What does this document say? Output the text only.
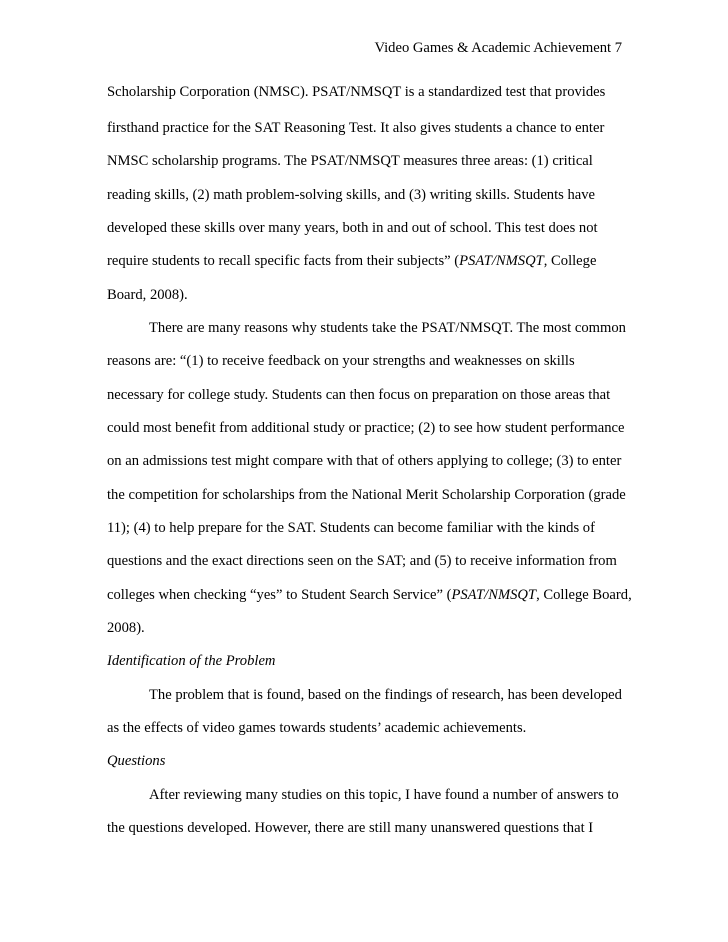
Video Games & Academic Achievement 7
Scholarship Corporation (NMSC). PSAT/NMSQT is a standardized test that provides
firsthand practice for the SAT Reasoning Test. It also gives students a chance to enter
NMSC scholarship programs. The PSAT/NMSQT measures three areas: (1) critical
reading skills, (2) math problem-solving skills, and (3) writing skills. Students have
developed these skills over many years, both in and out of school. This test does not
require students to recall specific facts from their subjects” (PSAT/NMSQT, College
Board, 2008).
There are many reasons why students take the PSAT/NMSQT. The most common
reasons are: “(1) to receive feedback on your strengths and weaknesses on skills
necessary for college study. Students can then focus on preparation on those areas that
could most benefit from additional study or practice; (2) to see how student performance
on an admissions test might compare with that of others applying to college; (3) to enter
the competition for scholarships from the National Merit Scholarship Corporation (grade
11); (4) to help prepare for the SAT. Students can become familiar with the kinds of
questions and the exact directions seen on the SAT; and (5) to receive information from
colleges when checking “yes” to Student Search Service” (PSAT/NMSQT, College Board,
2008).
Identification of the Problem
The problem that is found, based on the findings of research, has been developed
as the effects of video games towards students’ academic achievements.
Questions
After reviewing many studies on this topic, I have found a number of answers to
the questions developed. However, there are still many unanswered questions that I
